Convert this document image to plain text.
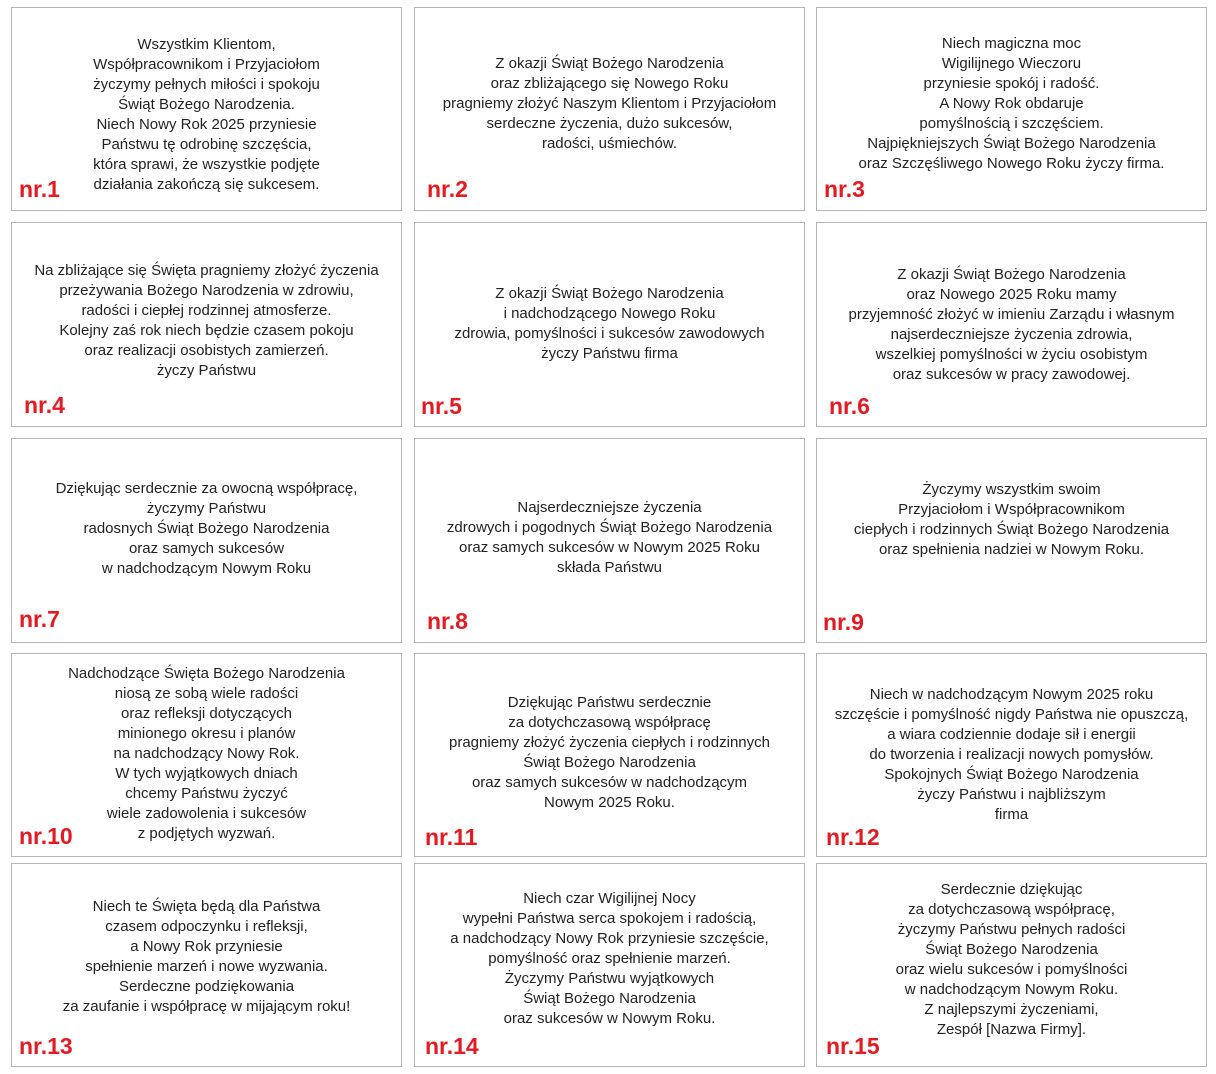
Wszystkim Klientom,
Współpracownikom i Przyjaciołom
życzymy pełnych miłości i spokoju
Świąt Bożego Narodzenia.
Niech Nowy Rok 2025 przyniesie
Państwu tę odrobinę szczęścia,
która sprawi, że wszystkie podjęte
działania zakończą się sukcesem.
nr.1
Z okazji Świąt Bożego Narodzenia
oraz zbliżającego się Nowego Roku
pragniemy złożyć Naszym Klientom i Przyjaciołom
serdeczne życzenia, dużo sukcesów,
radości, uśmiechów.
nr.2
Niech magiczna moc
Wigilijnego Wieczoru
przyniesie spokój i radość.
A Nowy Rok obdaruje
pomyślnością i szczęściem.
Najpiękniejszych Świąt Bożego Narodzenia
oraz Szczęśliwego Nowego Roku życzy firma.
nr.3
Na zbliżające się Święta pragniemy złożyć życzenia
przeżywania Bożego Narodzenia w zdrowiu,
radości i ciepłej rodzinnej atmosferze.
Kolejny zaś rok niech będzie czasem pokoju
oraz realizacji osobistych zamierzeń.
życzy Państwu
nr.4
Z okazji Świąt Bożego Narodzenia
i nadchodzącego Nowego Roku
zdrowia, pomyślności i sukcesów zawodowych
życzy Państwu firma
nr.5
Z okazji Świąt Bożego Narodzenia
oraz Nowego 2025 Roku mamy
przyjemność złożyć w imieniu Zarządu i własnym
najserdeczniejsze życzenia zdrowia,
wszelkiej pomyślności w życiu osobistym
oraz sukcesów w pracy zawodowej.
nr.6
Dziękując serdecznie za owocną współpracę,
życzymy Państwu
radosnych Świąt Bożego Narodzenia
oraz samych sukcesów
w nadchodzącym Nowym Roku
nr.7
Najserdeczniejsze życzenia
zdrowych i pogodnych Świąt Bożego Narodzenia
oraz samych sukcesów w Nowym 2025 Roku
składa Państwu
nr.8
Życzymy wszystkim swoim
Przyjaciołom i Współpracownikom
ciepłych i rodzinnych Świąt Bożego Narodzenia
oraz spełnienia nadziei w Nowym Roku.
nr.9
Nadchodzące Święta Bożego Narodzenia
niosą ze sobą wiele radości
oraz refleksji dotyczących
minionego okresu i planów
na nadchodzący Nowy Rok.
W tych wyjątkowych dniach
chcemy Państwu życzyć
wiele zadowolenia i sukcesów
z podjętych wyzwań.
nr.10
Dziękując Państwu serdecznie
za dotychczasową współpracę
pragniemy złożyć życzenia ciepłych i rodzinnych
Świąt Bożego Narodzenia
oraz samych sukcesów w nadchodzącym
Nowym 2025 Roku.
nr.11
Niech w nadchodzącym Nowym 2025 roku
szczęście i pomyślność nigdy Państwa nie opuszczą,
a wiara codziennie dodaje sił i energii
do tworzenia i realizacji nowych pomysłów.
Spokojnych Świąt Bożego Narodzenia
życzy Państwu i najbliższym
firma
nr.12
Niech te Święta będą dla Państwa
czasem odpoczynku i refleksji,
a Nowy Rok przyniesie
spełnienie marzeń i nowe wyzwania.
Serdeczne podziękowania
za zaufanie i współpracę w mijającym roku!
nr.13
Niech czar Wigilijnej Nocy
wypełni Państwa serca spokojem i radością,
a nadchodzący Nowy Rok przyniesie szczęście,
pomyślność oraz spełnienie marzeń.
Życzymy Państwu wyjątkowych
Świąt Bożego Narodzenia
oraz sukcesów w Nowym Roku.
nr.14
Serdecznie dziękując
za dotychczasową współpracę,
życzymy Państwu pełnych radości
Świąt Bożego Narodzenia
oraz wielu sukcesów i pomyślności
w nadchodzącym Nowym Roku.
Z najlepszymi życzeniami,
Zespół [Nazwa Firmy].
nr.15
